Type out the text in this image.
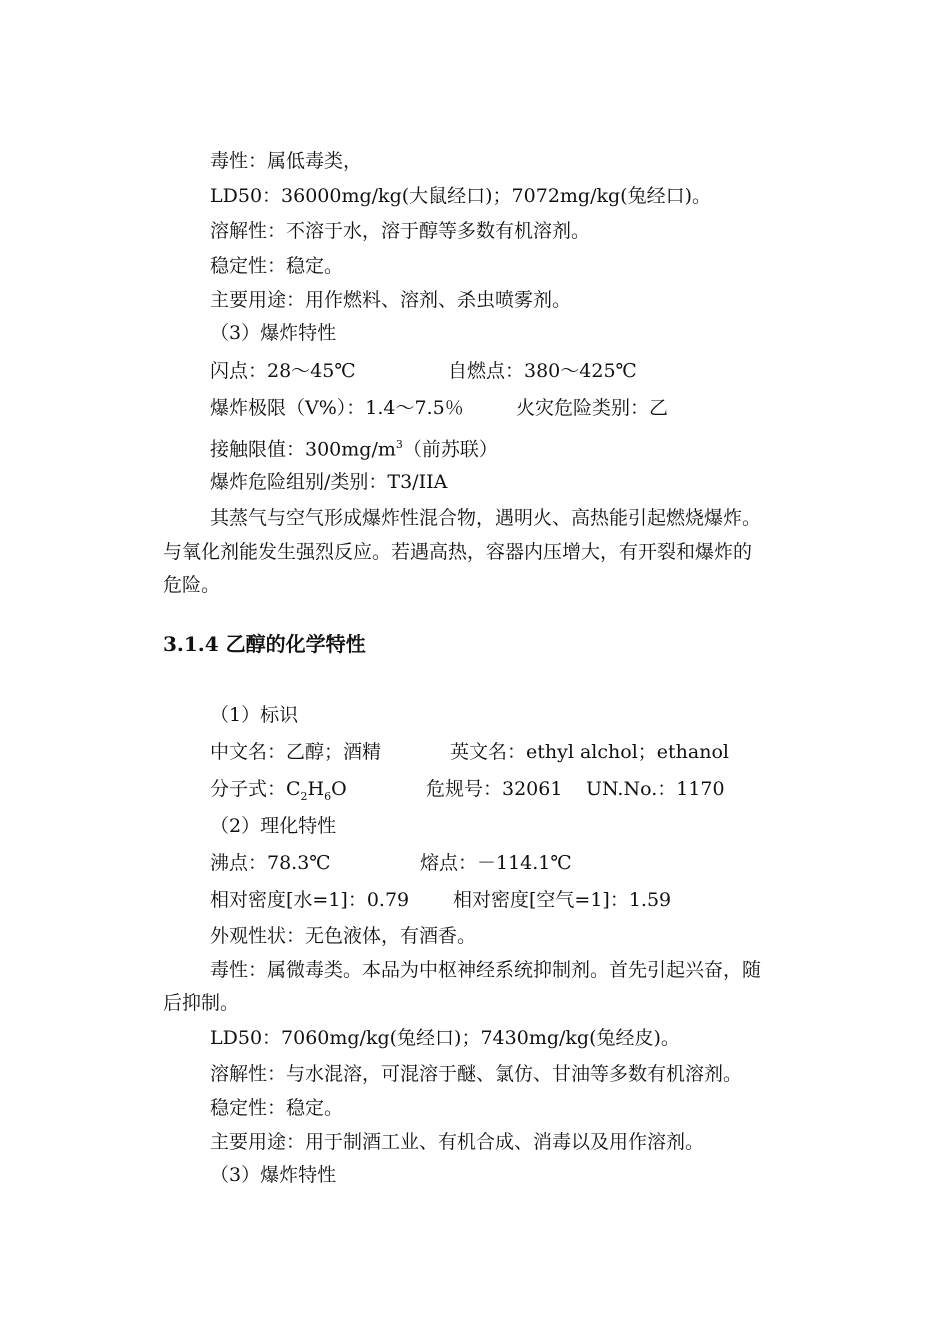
毒性：属低毒类，
LD50：36000mg/kg(大鼠经口)；7072mg/kg(兔经口)。
溶解性：不溶于水，溶于醇等多数有机溶剂。
稳定性：稳定。
主要用途：用作燃料、溶剂、杀虫喷雾剂。
（3）爆炸特性
闪点：28～45℃	自燃点：380～425℃
爆炸极限（V%）：1.4～7.5％	火灾危险类别：乙
接触限值：$300mg/m^3$（前苏联）
爆炸危险组别/类别：T3/IIA
其蒸气与空气形成爆炸性混合物，遇明火、高热能引起燃烧爆炸。
与氧化剂能发生强烈反应。若遇高热，容器内压增大，有开裂和爆炸的
危险。
3.1.4 乙醇的化学特性
（1）标识
中文名：乙醇；酒精	英文名：ethyl alchol；ethanol
分子式：$C_2H_6O$	危规号：32061 UN.No.：1170
（2）理化特性
沸点：78.3℃	熔点：－114.1℃
相对密度[水=1]：0.79 相对密度[空气=1]：1.59
外观性状：无色液体，有酒香。
毒性：属微毒类。本品为中枢神经系统抑制剂。首先引起兴奋，随
后抑制。
LD50：7060mg/kg(兔经口)；7430mg/kg(兔经皮)。
溶解性：与水混溶，可混溶于醚、氯仿、甘油等多数有机溶剂。
稳定性：稳定。
主要用途：用于制酒工业、有机合成、消毒以及用作溶剂。
（3）爆炸特性
